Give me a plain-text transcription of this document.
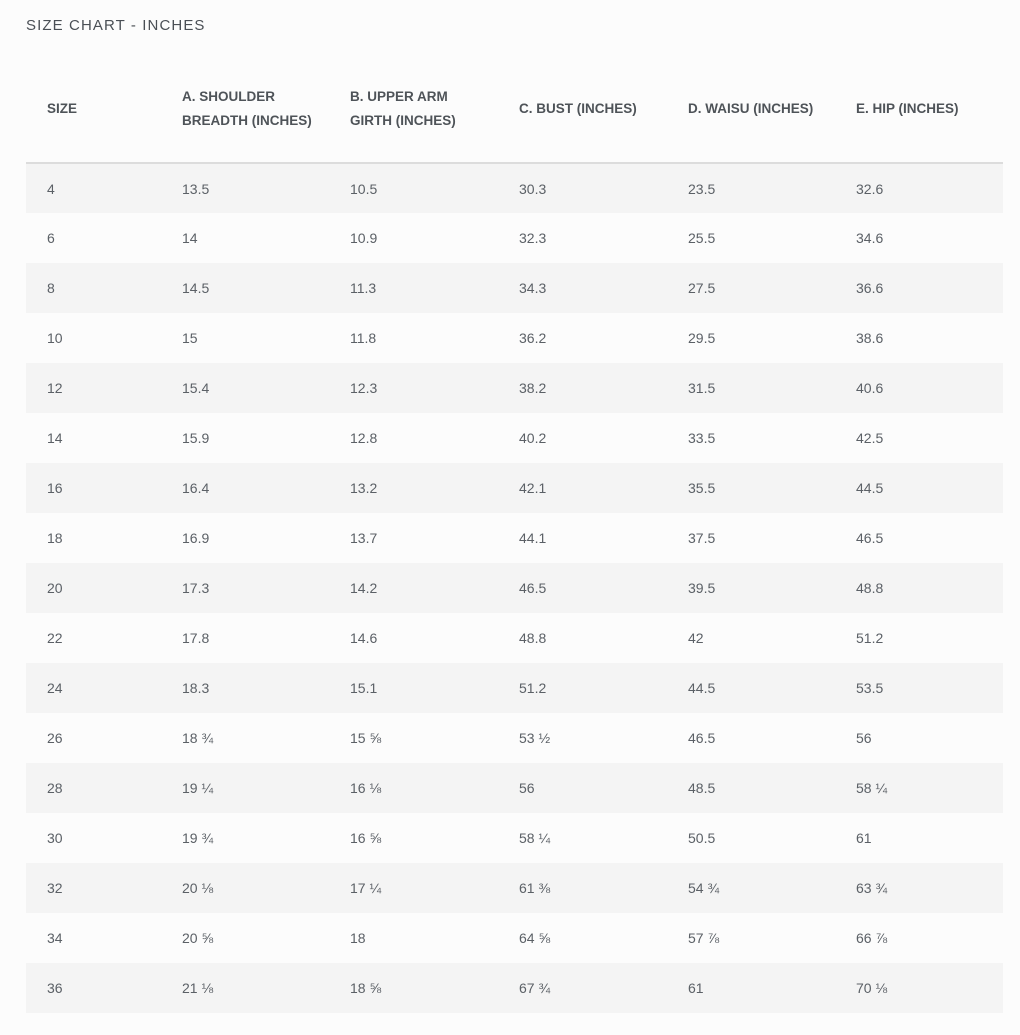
SIZE CHART - INCHES
SIZE	A. SHOULDER BREADTH (INCHES)	B. UPPER ARM GIRTH (INCHES)	C. BUST (INCHES)	D. WAISU (INCHES)	E. HIP (INCHES)

4	13.5	10.5	30.3	23.5	32.6
6	14	10.9	32.3	25.5	34.6
8	14.5	11.3	34.3	27.5	36.6
10	15	11.8	36.2	29.5	38.6
12	15.4	12.3	38.2	31.5	40.6
14	15.9	12.8	40.2	33.5	42.5
16	16.4	13.2	42.1	35.5	44.5
18	16.9	13.7	44.1	37.5	46.5
20	17.3	14.2	46.5	39.5	48.8
22	17.8	14.6	48.8	42	51.2
24	18.3	15.1	51.2	44.5	53.5
26	18 ¾	15 ⅝	53 ½	46.5	56
28	19 ¼	16 ⅛	56	48.5	58 ¼
30	19 ¾	16 ⅝	58 ¼	50.5	61
32	20 ⅛	17 ¼	61 ⅜	54 ¾	63 ¾
34	20 ⅝	18	64 ⅝	57 ⅞	66 ⅞
36	21 ⅛	18 ⅝	67 ¾	61	70 ⅛
